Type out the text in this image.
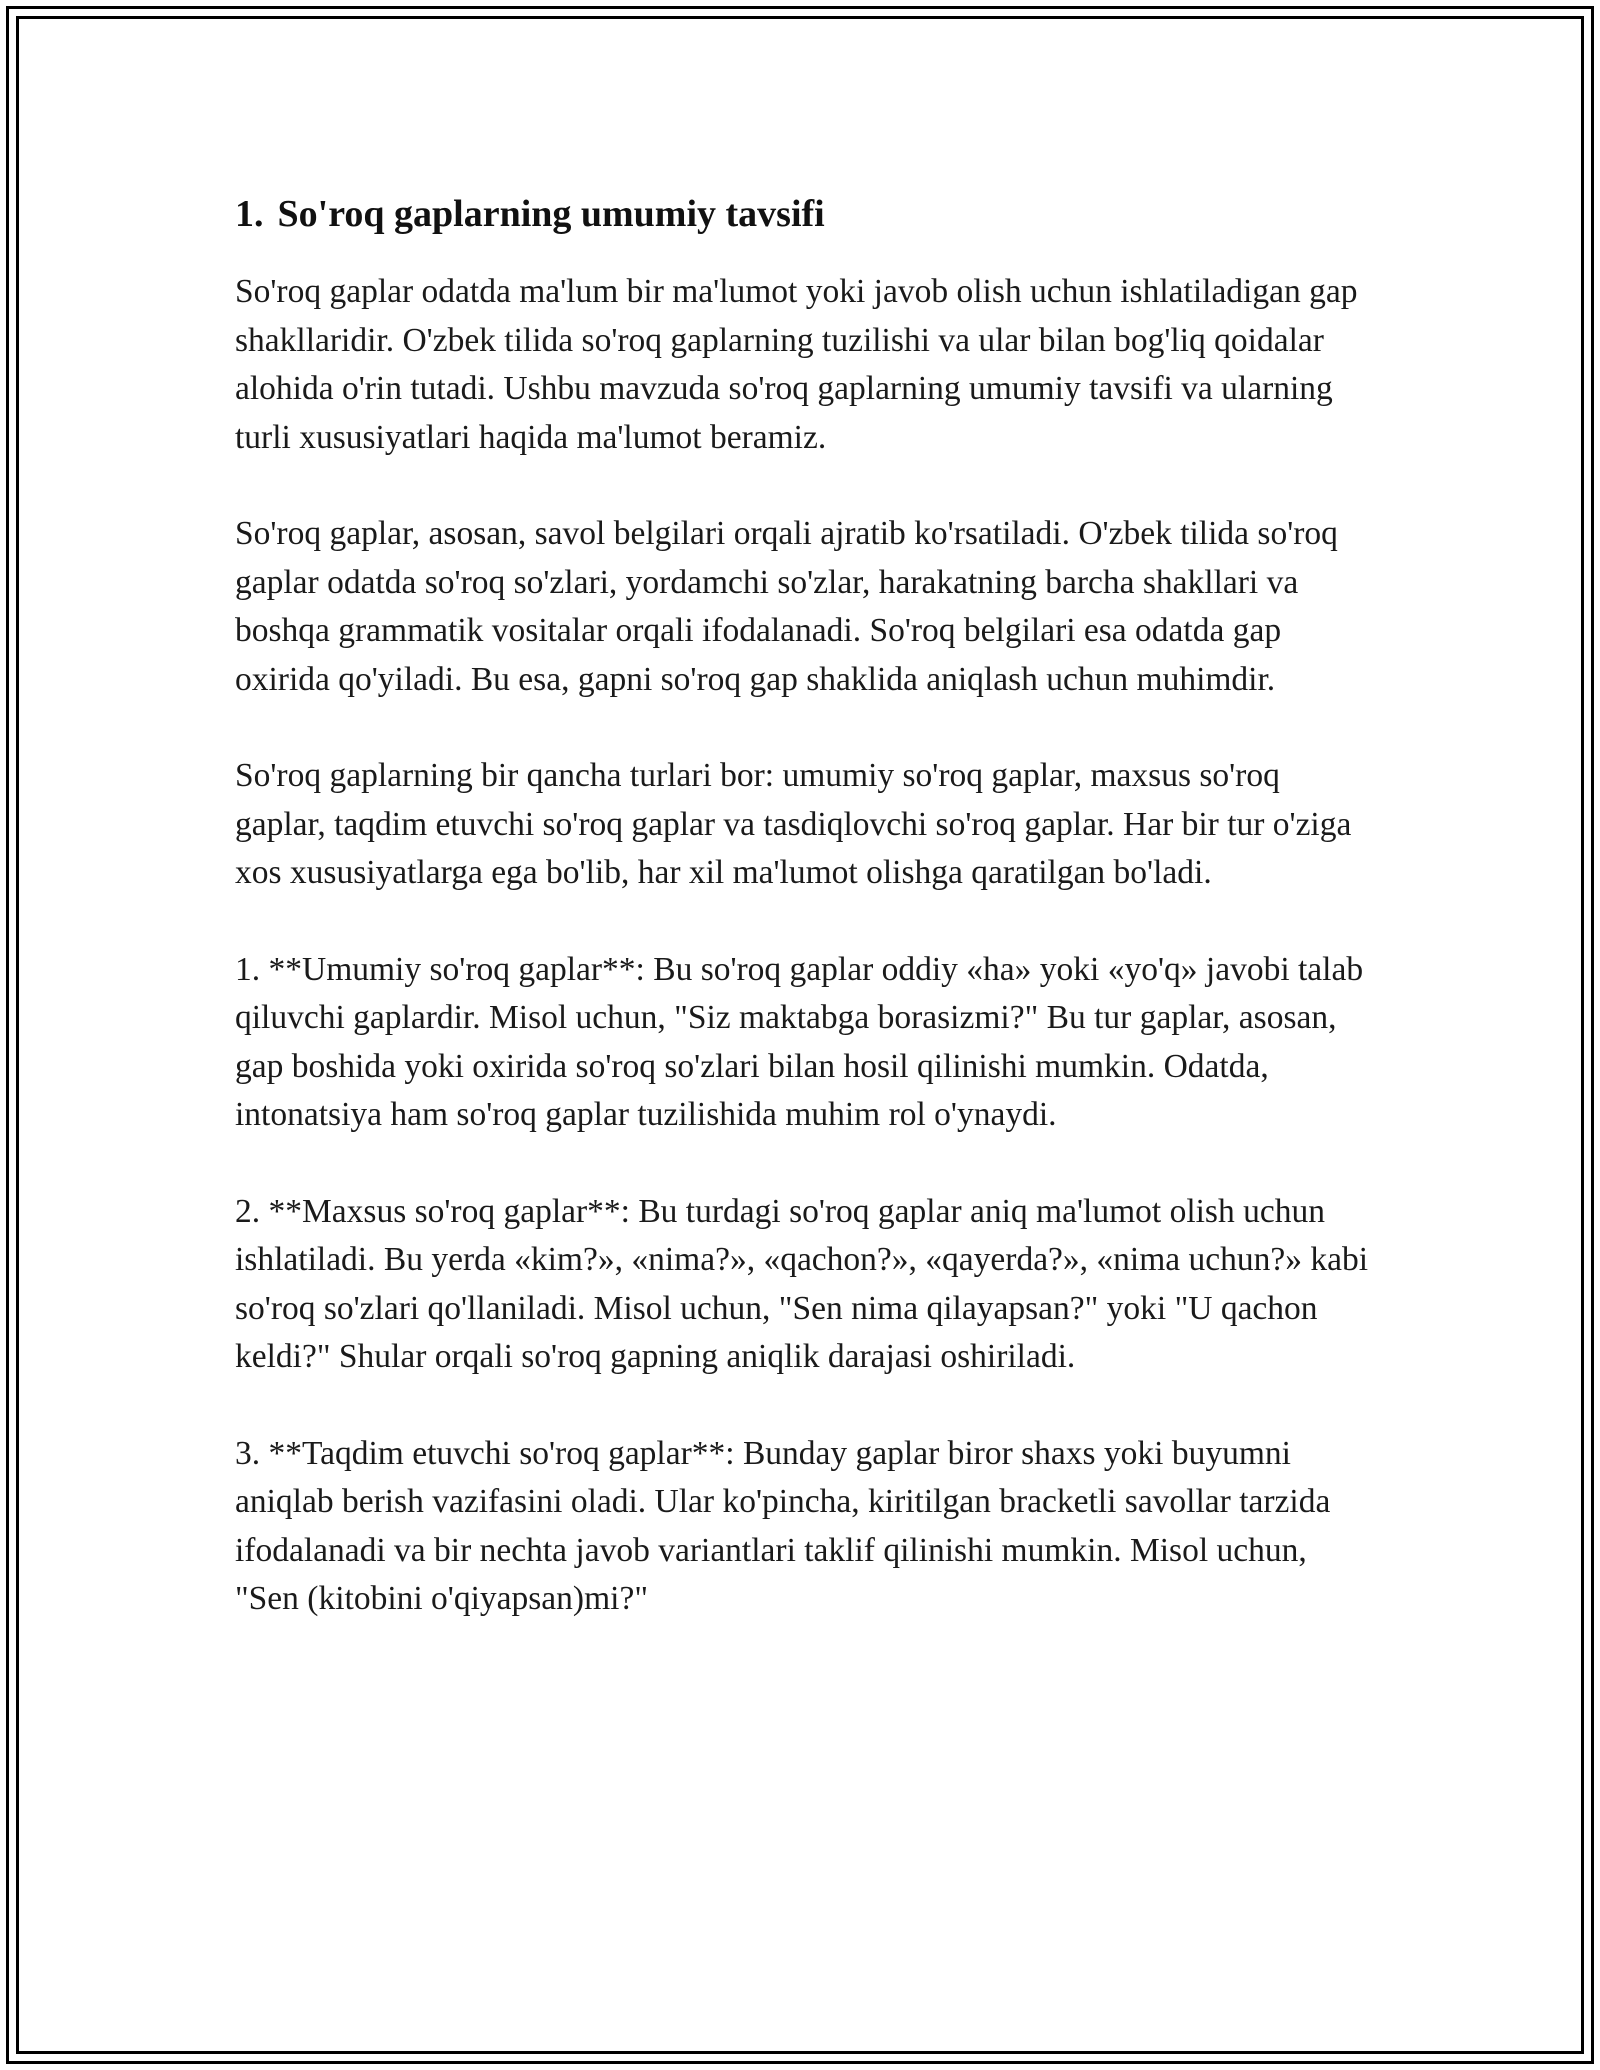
1. So'roq gaplarning umumiy tavsifi

So'roq gaplar odatda ma'lum bir ma'lumot yoki javob olish uchun ishlatiladigan gap shakllaridir. O'zbek tilida so'roq gaplarning tuzilishi va ular bilan bog'liq qoidalar alohida o'rin tutadi. Ushbu mavzuda so'roq gaplarning umumiy tavsifi va ularning turli xususiyatlari haqida ma'lumot beramiz.

So'roq gaplar, asosan, savol belgilari orqali ajratib ko'rsatiladi. O'zbek tilida so'roq gaplar odatda so'roq so'zlari, yordamchi so'zlar, harakatning barcha shakllari va boshqa grammatik vositalar orqali ifodalanadi. So'roq belgilari esa odatda gap oxirida qo'yiladi. Bu esa, gapni so'roq gap shaklida aniqlash uchun muhimdir.

So'roq gaplarning bir qancha turlari bor: umumiy so'roq gaplar, maxsus so'roq gaplar, taqdim etuvchi so'roq gaplar va tasdiqlovchi so'roq gaplar. Har bir tur o'ziga xos xususiyatlarga ega bo'lib, har xil ma'lumot olishga qaratilgan bo'ladi.

1. **Umumiy so'roq gaplar**: Bu so'roq gaplar oddiy «ha» yoki «yo'q» javobi talab qiluvchi gaplardir. Misol uchun, "Siz maktabga borasizmi?" Bu tur gaplar, asosan, gap boshida yoki oxirida so'roq so'zlari bilan hosil qilinishi mumkin. Odatda, intonatsiya ham so'roq gaplar tuzilishida muhim rol o'ynaydi.

2. **Maxsus so'roq gaplar**: Bu turdagi so'roq gaplar aniq ma'lumot olish uchun ishlatiladi. Bu yerda «kim?», «nima?», «qachon?», «qayerda?», «nima uchun?» kabi so'roq so'zlari qo'llaniladi. Misol uchun, "Sen nima qilayapsan?" yoki "U qachon keldi?" Shular orqali so'roq gapning aniqlik darajasi oshiriladi.

3. **Taqdim etuvchi so'roq gaplar**: Bunday gaplar biror shaxs yoki buyumni aniqlab berish vazifasini oladi. Ular ko'pincha, kiritilgan bracketli savollar tarzida ifodalanadi va bir nechta javob variantlari taklif qilinishi mumkin. Misol uchun, "Sen (kitobini o'qiyapsan)mi?"
